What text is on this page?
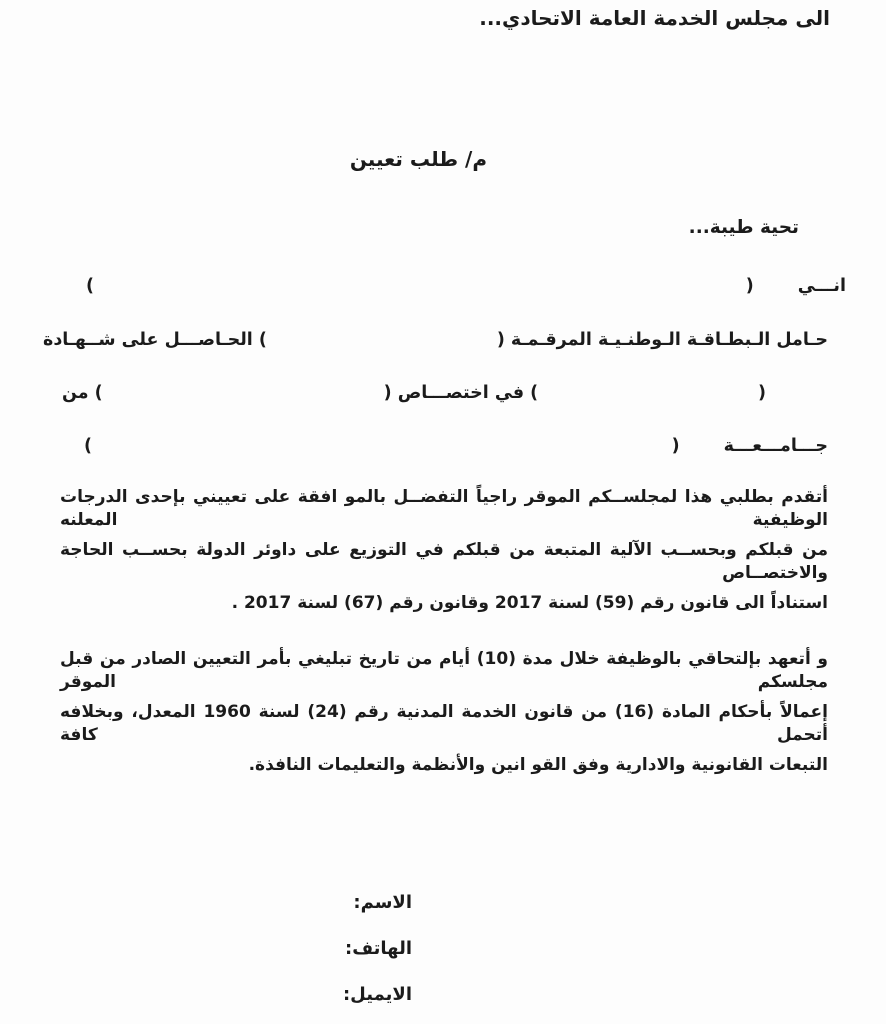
الى مجلس الخدمة العامة الاتحادي...
م/ طلب تعيين
تحية طيبة...
انـــي
(
)
حـامل الـبطـاقـة الـوطنـيـة المرقـمـة (
) الحـاصـــل على شــهـادة
(
) في اختصـــاص (
) من
جـــامـــعـــة
(
)
أتقدم بطلبي هذا لمجلســكم الموقر راجياً التفضــل بالمو افقة على تعييني بإحدى الدرجات الوظيفية المعلنه
من قبلكم وبحســب الآلية المتبعة من قبلكم في التوزيع على داوئر الدولة بحســب الحاجة والاختصــاص
استناداً الى قانون رقم (59) لسنة 2017 وقانون رقم (67) لسنة 2017 .
و أتعهد بإلتحاقي بالوظيفة خلال مدة (10) أيام من تاريخ تبليغي بأمر التعيين الصادر من قبل مجلسكم الموقر
إعمالاً بأحكام المادة (16) من قانون الخدمة المدنية رقم (24) لسنة 1960 المعدل، وبخلافه أتحمل كافة
التبعات القانونية والادارية وفق القو انين والأنظمة والتعليمات النافذة.
الاسم:
الهاتف:
الايميل:
